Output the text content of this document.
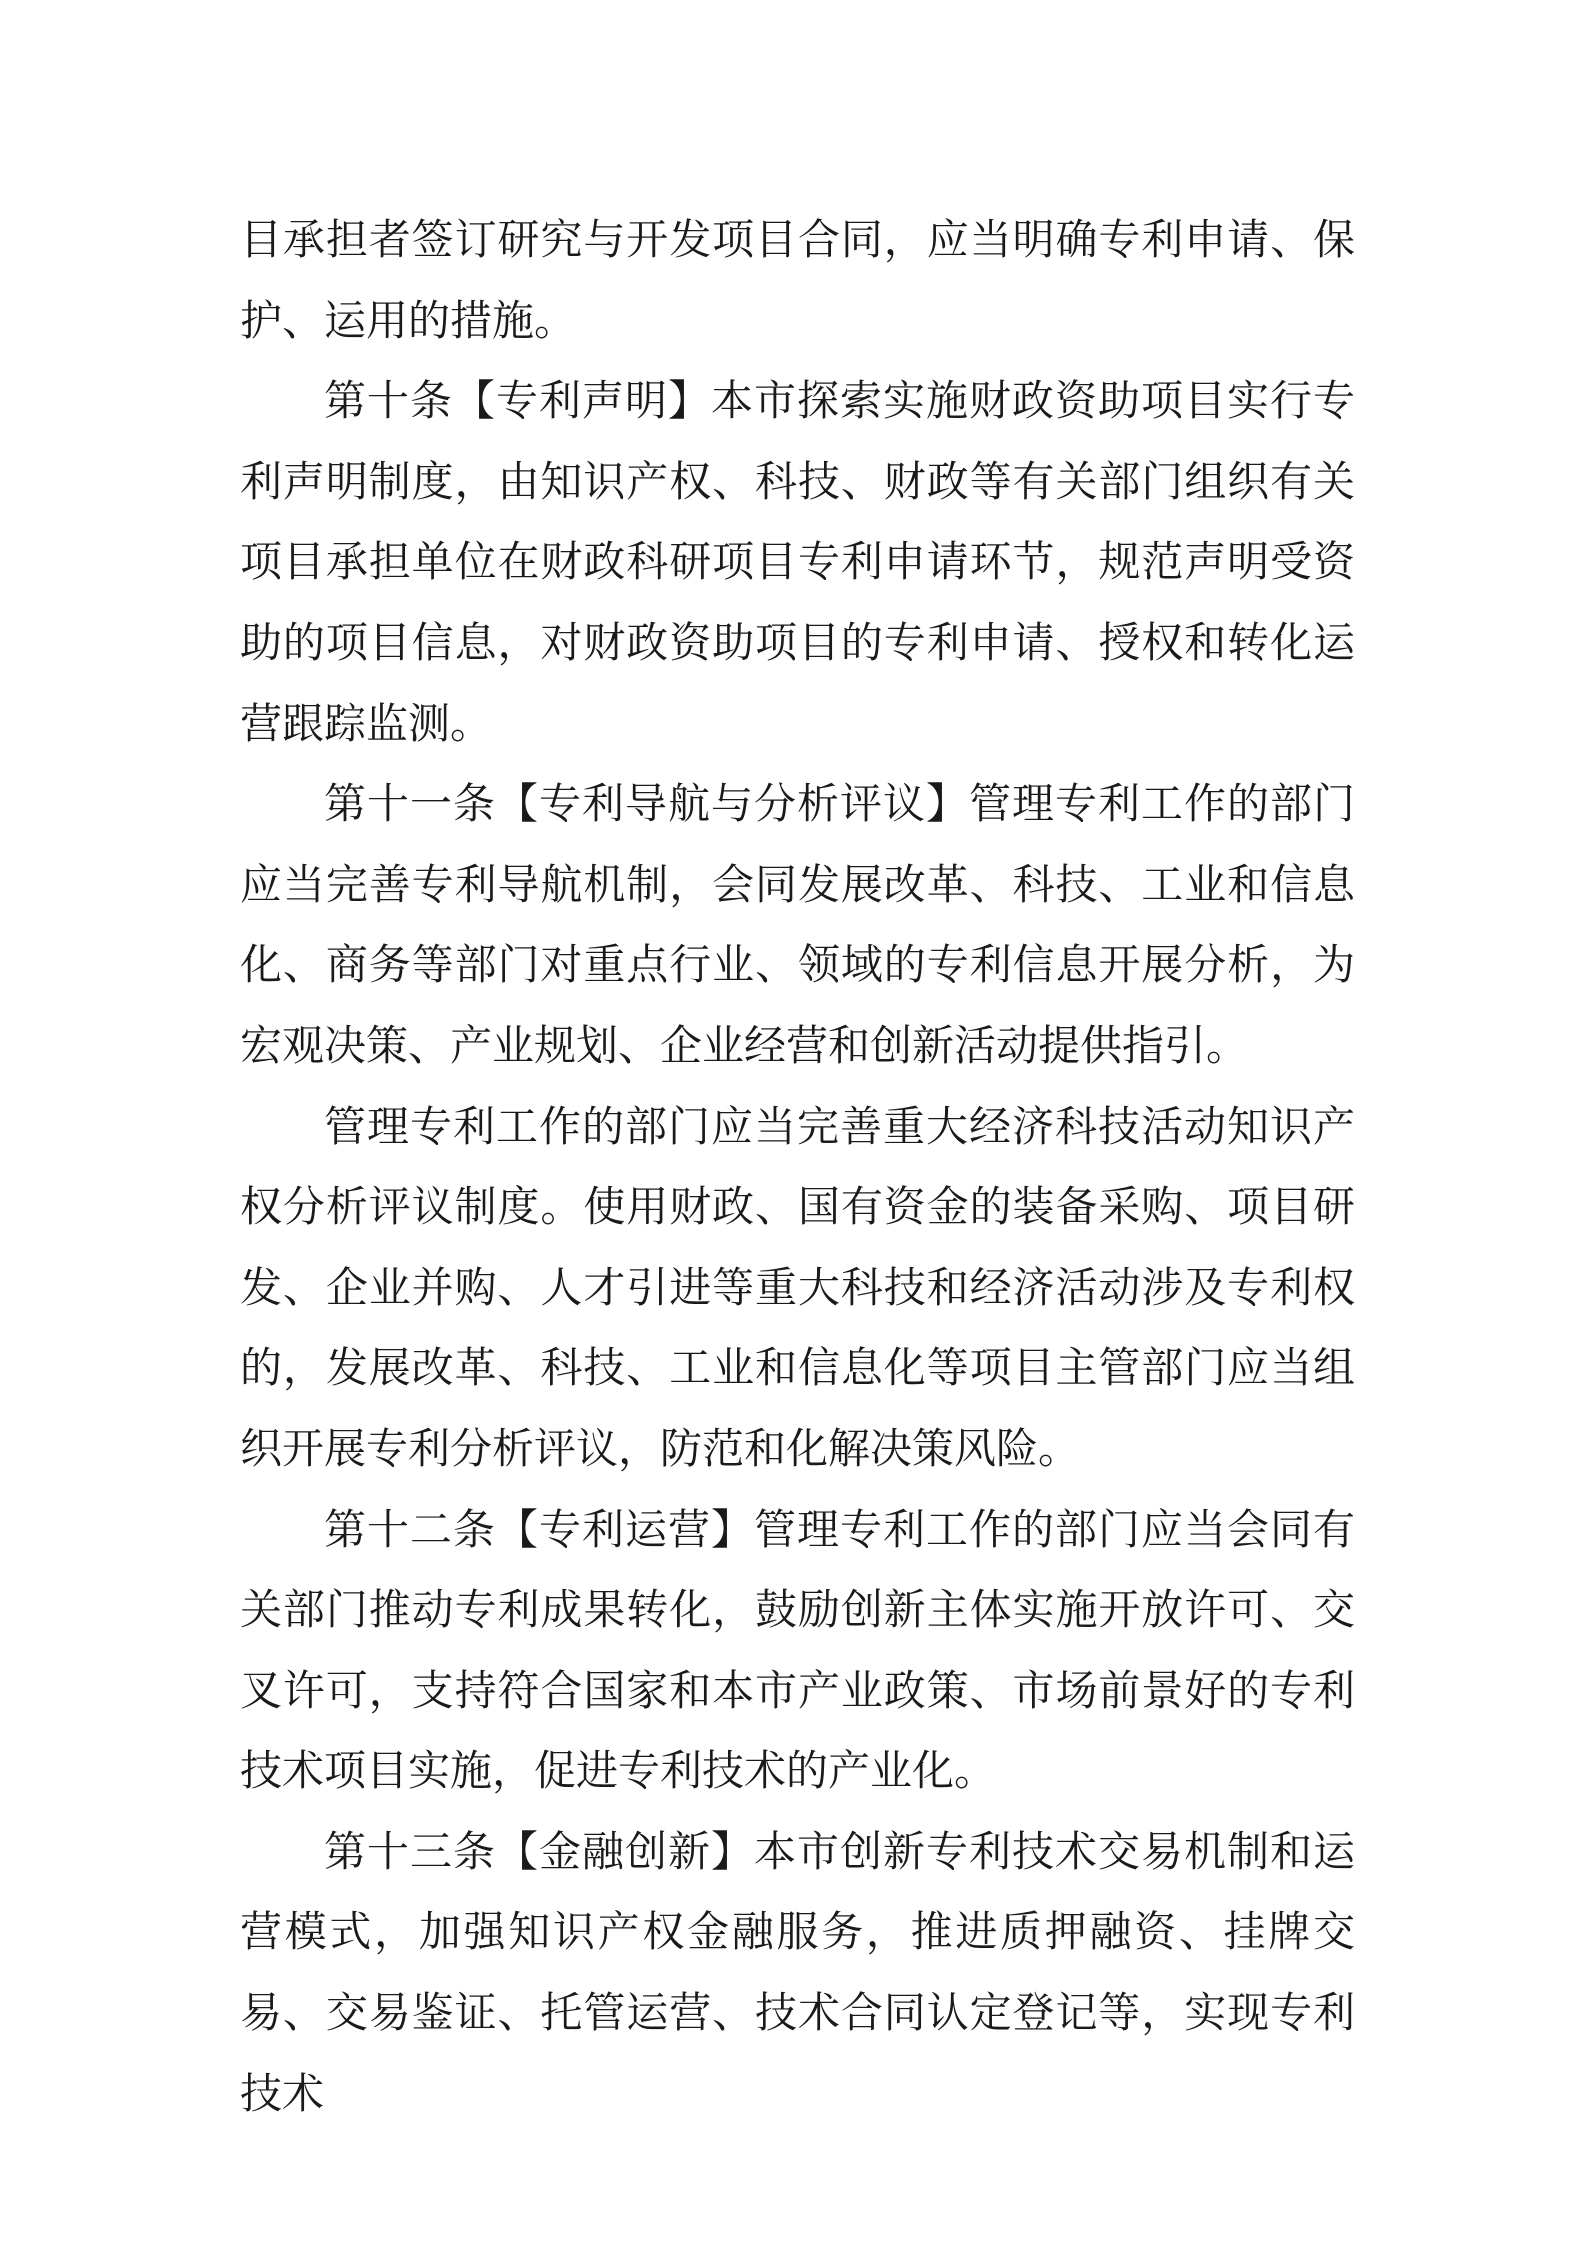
目承担者签订研究与开发项目合同，应当明确专利申请、保护、运用的措施。

第十条【专利声明】本市探索实施财政资助项目实行专利声明制度，由知识产权、科技、财政等有关部门组织有关项目承担单位在财政科研项目专利申请环节，规范声明受资助的项目信息，对财政资助项目的专利申请、授权和转化运营跟踪监测。

第十一条【专利导航与分析评议】管理专利工作的部门应当完善专利导航机制，会同发展改革、科技、工业和信息化、商务等部门对重点行业、领域的专利信息开展分析，为宏观决策、产业规划、企业经营和创新活动提供指引。

管理专利工作的部门应当完善重大经济科技活动知识产权分析评议制度。使用财政、国有资金的装备采购、项目研发、企业并购、人才引进等重大科技和经济活动涉及专利权的，发展改革、科技、工业和信息化等项目主管部门应当组织开展专利分析评议，防范和化解决策风险。

第十二条【专利运营】管理专利工作的部门应当会同有关部门推动专利成果转化，鼓励创新主体实施开放许可、交叉许可，支持符合国家和本市产业政策、市场前景好的专利技术项目实施，促进专利技术的产业化。

第十三条【金融创新】本市创新专利技术交易机制和运营模式，加强知识产权金融服务，推进质押融资、挂牌交易、交易鉴证、托管运营、技术合同认定登记等，实现专利技术
